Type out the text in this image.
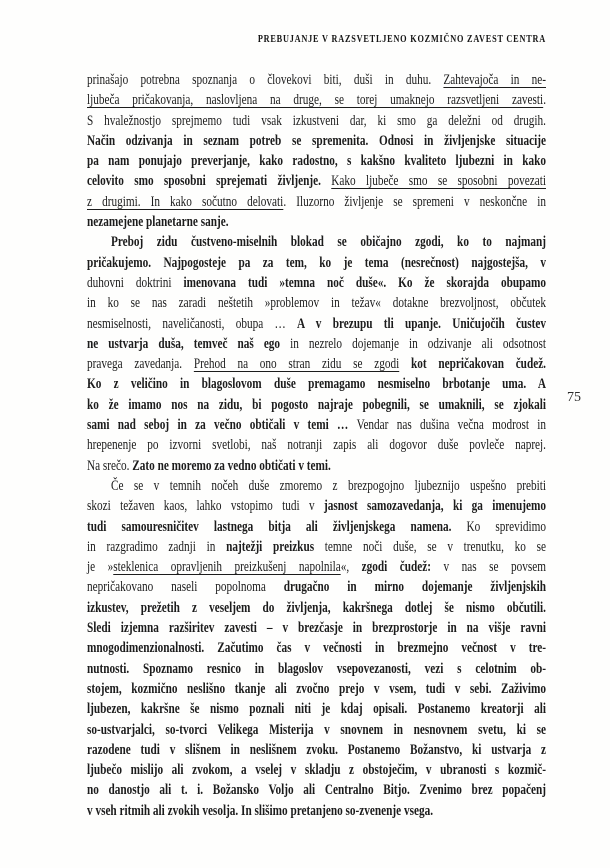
PREBUJANJE V RAZSVETLJENO KOZMIČNO ZAVEST CENTRA
prinašajo potrebna spoznanja o človekovi biti, duši in duhu. Zahtevajoča in ne-
ljubeča pričakovanja, naslovljena na druge, se torej umaknejo razsvetljeni zavesti.
S hvaležnostjo sprejmemo tudi vsak izkustveni dar, ki smo ga deležni od drugih.
Način odzivanja in seznam potreb se spremenita. Odnosi in življenjske situacije
pa nam ponujajo preverjanje, kako radostno, s kakšno kvaliteto ljubezni in kako
celovito smo sposobni sprejemati življenje. Kako ljubeče smo se sposobni povezati
z drugimi. In kako sočutno delovati. Iluzorno življenje se spremeni v neskončne in
nezamejene planetarne sanje.
Preboj zidu čustveno-miselnih blokad se običajno zgodi, ko to najmanj
pričakujemo. Najpogosteje pa za tem, ko je tema (nesrečnost) najgostejša, v
duhovni doktrini imenovana tudi »temna noč duše«. Ko že skorajda obupamo
in ko se nas zaradi neštetih »problemov in težav« dotakne brezvoljnost, občutek
nesmiselnosti, naveličanosti, obupa … A v brezupu tli upanje. Uničujočih čustev
ne ustvarja duša, temveč naš ego in nezrelo dojemanje in odzivanje ali odsotnost
pravega zavedanja. Prehod na ono stran zidu se zgodi kot nepričakovan čudež.
Ko z veličino in blagoslovom duše premagamo nesmiselno brbotanje uma. A
ko že imamo nos na zidu, bi pogosto najraje pobegnili, se umaknili, se zjokali
sami nad seboj in za večno obtičali v temi … Vendar nas dušina večna modrost in
hrepenenje po izvorni svetlobi, naš notranji zapis ali dogovor duše povleče naprej.
Na srečo. Zato ne moremo za vedno obtičati v temi.
Če se v temnih nočeh duše zmoremo z brezpogojno ljubeznijo uspešno prebiti
skozi težaven kaos, lahko vstopimo tudi v jasnost samozavedanja, ki ga imenujemo
tudi samouresničitev lastnega bitja ali življenjskega namena. Ko sprevidimo
in razgradimo zadnji in najtežji preizkus temne noči duše, se v trenutku, ko se
je »steklenica opravljenih preizkušenj napolnila«, zgodi čudež: v nas se povsem
nepričakovano naseli popolnoma drugačno in mirno dojemanje življenjskih
izkustev, prežetih z veseljem do življenja, kakršnega dotlej še nismo občutili.
Sledi izjemna razširitev zavesti – v brezčasje in brezprostorje in na višje ravni
mnogodimenzionalnosti. Začutimo čas v večnosti in brezmejno večnost v tre-
nutnosti. Spoznamo resnico in blagoslov vsepovezanosti, vezi s celotnim ob-
stojem, kozmično neslišno tkanje ali zvočno prejo v vsem, tudi v sebi. Zaživimo
ljubezen, kakršne še nismo poznali niti je kdaj opisali. Postanemo kreatorji ali
so-ustvarjalci, so-tvorci Velikega Misterija v snovnem in nesnovnem svetu, ki se
razodene tudi v slišnem in neslišnem zvoku. Postanemo Božanstvo, ki ustvarja z
ljubečo mislijo ali zvokom, a vselej v skladju z obstoječim, v ubranosti s kozmič-
no danostjo ali t. i. Božansko Voljo ali Centralno Bitjo. Zvenimo brez popačenj
v vseh ritmih ali zvokih vesolja. In slišimo pretanjeno so-zvenenje vsega.
75
